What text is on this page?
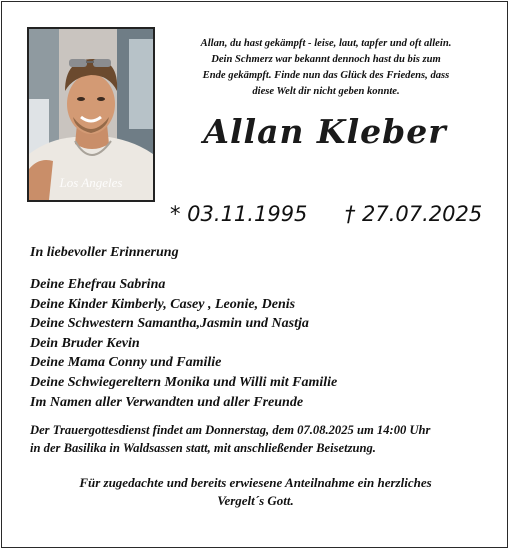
Los Angeles
Allan, du hast gekämpft - leise, laut, tapfer und oft allein.
Dein Schmerz war bekannt dennoch hast du bis zum
Ende gekämpft. Finde nun das Glück des Friedens, dass
diese Welt dir nicht geben konnte.
Allan Kleber
* 03.11.1995 † 27.07.2025
In liebevoller Erinnerung
Deine Ehefrau Sabrina
Deine Kinder Kimberly, Casey , Leonie, Denis
Deine Schwestern Samantha,Jasmin und Nastja
Dein Bruder Kevin
Deine Mama Conny und Familie
Deine Schwiegereltern Monika und Willi mit Familie
Im Namen aller Verwandten und aller Freunde
Der Trauergottesdienst findet am Donnerstag, dem 07.08.2025 um 14:00 Uhr
in der Basilika in Waldsassen statt, mit anschließender Beisetzung.
Für zugedachte und bereits erwiesene Anteilnahme ein herzliches
Vergelt´s Gott.
